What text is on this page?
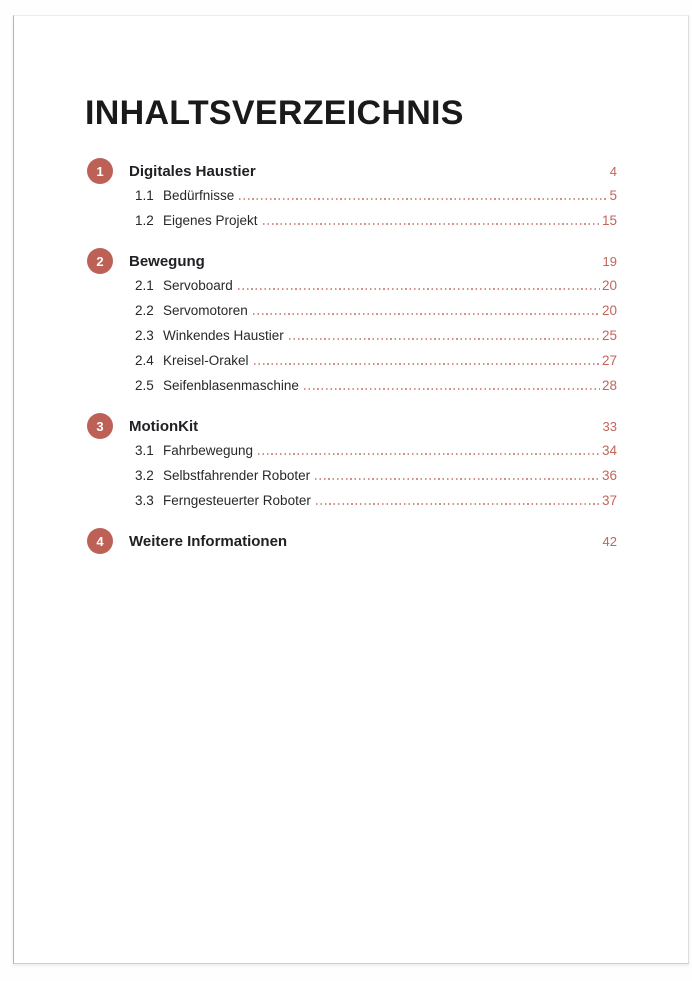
INHALTSVERZEICHNIS
1 Digitales Haustier	4
1.1 Bedürfnisse	5
1.2 Eigenes Projekt	15
2 Bewegung	19
2.1 Servoboard	20
2.2 Servomotoren	20
2.3 Winkendes Haustier	25
2.4 Kreisel-Orakel	27
2.5 Seifenblasenmaschine	28
3 MotionKit	33
3.1 Fahrbewegung	34
3.2 Selbstfahrender Roboter	36
3.3 Ferngesteuerter Roboter	37
4 Weitere Informationen	42
